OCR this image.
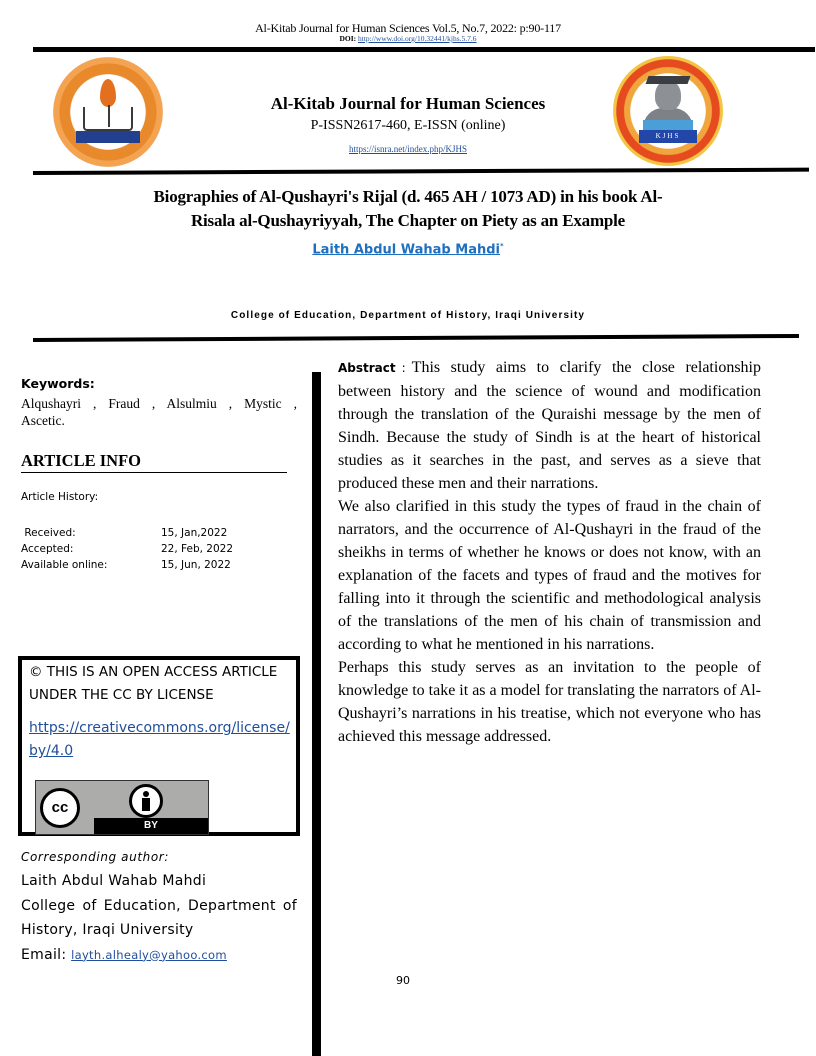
Al-Kitab Journal for Human Sciences Vol.5, No.7, 2022: p:90-117
DOI: http://www.doi.org/10.32441/kjhs.5.7.6
KJHS
Al-Kitab Journal for Human Sciences
P-ISSN2617-460, E-ISSN (online)
https://isnra.net/index.php/KJHS
Biographies of Al-Qushayri's Rijal (d. 465 AH / 1073 AD) in his book Al-
Risala al-Qushayriyyah, The Chapter on Piety as an Example
Laith Abdul Wahab Mahdi*
College of Education, Department of History, Iraqi University
Keywords:
Alqushayri , Fraud , Alsulmiu , Mystic , Ascetic.
ARTICLE INFO
Article History:
Received:	15, Jan,2022
Accepted:	22, Feb, 2022
Available online:	15, Jun, 2022
© THIS IS AN OPEN ACCESS ARTICLE
UNDER THE CC BY LICENSE
https://creativecommons.org/license/by/4.0
cc
BY
Corresponding author:
Laith Abdul Wahab Mahdi
College of Education, Department of
History, Iraqi University
Email: layth.alhealy@yahoo.com

Abstract : This study aims to clarify the close relationship between history and the science of wound and modification through the translation of the Quraishi message by the men of Sindh. Because the study of Sindh is at the heart of historical studies as it searches in the past, and serves as a sieve that produced these men and their narrations.

We also clarified in this study the types of fraud in the chain of narrators, and the occurrence of Al-Qushayri in the fraud of the sheikhs in terms of whether he knows or does not know, with an explanation of the facets and types of fraud and the motives for falling into it through the scientific and methodological analysis of the translations of the men of his chain of transmission and according to what he mentioned in his narrations.

Perhaps this study serves as an invitation to the people of knowledge to take it as a model for translating the narrators of Al-Qushayri’s narrations in his treatise, which not everyone who has achieved this message addressed.

90
